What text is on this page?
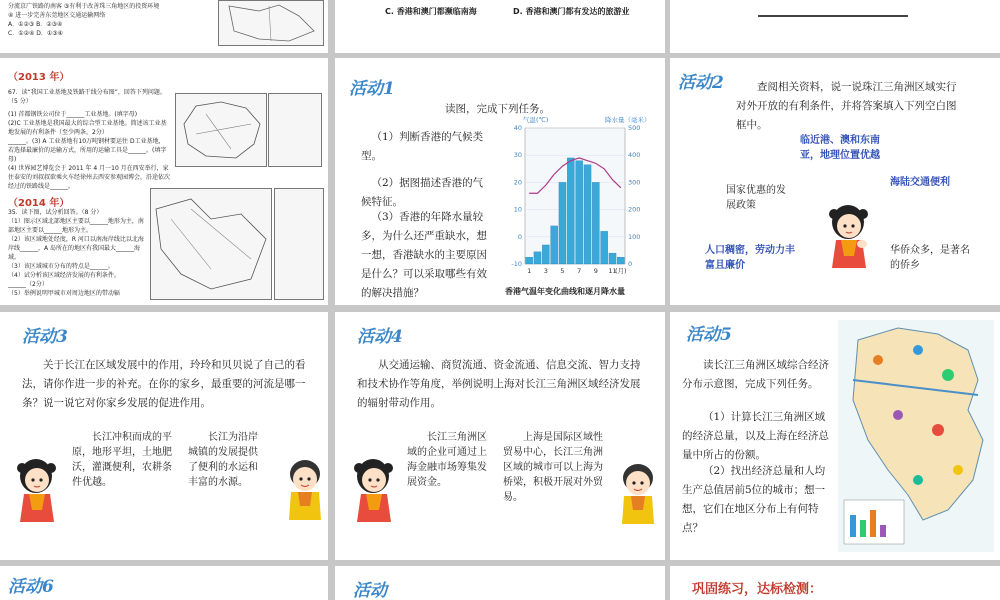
分流京广铁路的南客 ③有利于改善珠三角地区的投资环境
④ 进一步完善东莞地区交通运输网络
A．①②③ B．②③④
C．①②④ D．①③④
C. 香港和澳门都濒临南海	D. 香港和澳门都有发达的旅游业
（2013 年）
67．读“我国工业基地及铁路干线分布图”，回答下列问题。（5 分）
(1) 首都钢铁公司位于______工业基地。(填字母)
(2)C 工业基地是我国最大的综合型工业基地。简述该工业基地发展的有利条件（至少两条，2分）
______。(3) A 工业基地有10万吨钢材要运往 D工业基地，若选择最廉价的运输方式，所用的运输工具是______。(填字母)
(4) 世界园艺博览会于 2011 年 4 月一10 月在西安举行，家住泰安的刘叔叔欲乘火车经徐州去西安参观园博会，沿途依次经过的铁路线是______。
（2014 年）
35．读下图，试分析回答。（8 分）
（1）图示区域北部地区主要以______地形为主，南部地区主要以______地形为主。
（2）该区域地处经度，R 河口以南海岸线比以北海岸线______，A 岛所在的地区有我国最大______海域。
（3）该区域城市分布的特点是______。
（4）试分析该区域经济发展的有利条件。
______（2分）
（5）举例说明甲城市对周边地区的带动辐
活动1
读图，完成下列任务。
（1）判断香港的气候类型。
（2）据图描述香港的气候特征。
（3）香港的年降水量较多，为什么还严重缺水，想一想，香港缺水的主要原因是什么？可以采取哪些有效的解决措施？
40
30
20
10
0
-10
500
400
300
200
100
0
气温(℃)	降水量（毫米）
1 3 5 7 9 11
(月)
香港气温年变化曲线和逐月降水量
活动2	查阅相关资料，说一说珠江三角洲区域实行对外开放的有利条件，并将答案填入下列空白图框中。
临近港、澳和东南亚，地理位置优越
国家优惠的发展政策
海陆交通便利
人口稠密，劳动力丰富且廉价
华侨众多，是著名的侨乡
活动3
关于长江在区域发展中的作用，玲玲和贝贝说了自己的看法，请你作进一步的补充。在你的家乡，最重要的河流是哪一条？说一说它对你家乡发展的促进作用。
长江冲积而成的平原，地形平坦，土地肥沃，灌溉便利，农耕条件优越。
长江为沿岸城镇的发展提供了便利的水运和丰富的水源。
活动4
从交通运输、商贸流通、资金流通、信息交流、智力支持和技术协作等角度，举例说明上海对长江三角洲区域经济发展的辐射带动作用。
长江三角洲区域的企业可通过上海金融市场筹集发展资金。
上海是国际区域性贸易中心，长江三角洲区域的城市可以上海为桥梁，积极开展对外贸易。
活动5
读长江三角洲区域综合经济分布示意图，完成下列任务。
（1）计算长江三角洲区域的经济总量，以及上海在经济总量中所占的份额。
（2）找出经济总量和人均生产总值居前5位的城市；想一想，它们在地区分布上有何特点？
活动6	活动	巩固练习，达标检测：
